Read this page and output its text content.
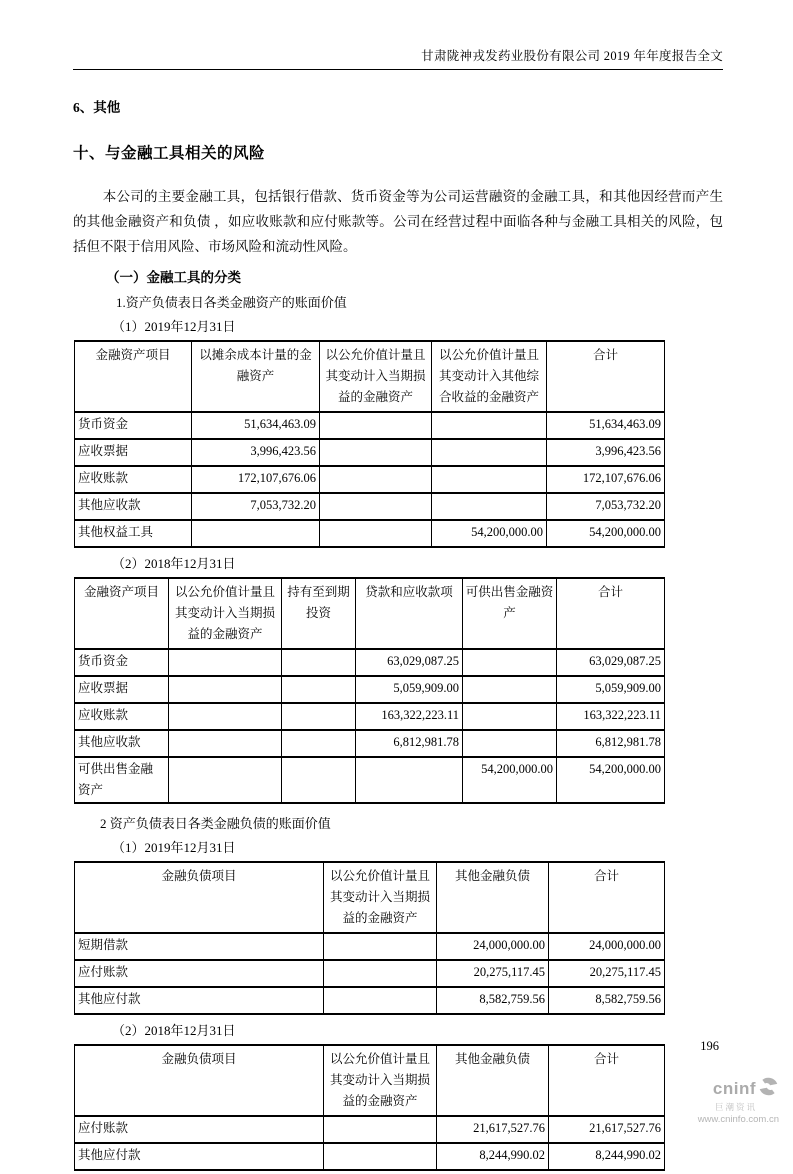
甘肃陇神戎发药业股份有限公司 2019 年年度报告全文
6、其他
十、与金融工具相关的风险
本公司的主要金融工具，包括银行借款、货币资金等为公司运营融资的金融工具，和其他因经营而产生的其他金融资产和负债 ，如应收账款和应付账款等。公司在经营过程中面临各种与金融工具相关的风险，包括但不限于信用风险、市场风险和流动性风险。
（一）金融工具的分类
1.资产负债表日各类金融资产的账面价值
（1）2019年12月31日
金融资产项目	以摊余成本计量的金融资产	以公允价值计量且其变动计入当期损益的金融资产	以公允价值计量且其变动计入其他综合收益的金融资产	合计
货币资金	51,634,463.09			51,634,463.09
应收票据	3,996,423.56			3,996,423.56
应收账款	172,107,676.06			172,107,676.06
其他应收款	7,053,732.20			7,053,732.20
其他权益工具			54,200,000.00	54,200,000.00
（2）2018年12月31日
金融资产项目	以公允价值计量且其变动计入当期损益的金融资产	持有至到期投资	贷款和应收款项	可供出售金融资产	合计
货币资金			63,029,087.25		63,029,087.25
应收票据			5,059,909.00		5,059,909.00
应收账款			163,322,223.11		163,322,223.11
其他应收款			6,812,981.78		6,812,981.78
可供出售金融资产				54,200,000.00	54,200,000.00
2 资产负债表日各类金融负债的账面价值
（1）2019年12月31日
金融负债项目	以公允价值计量且其变动计入当期损益的金融资产	其他金融负债	合计
短期借款		24,000,000.00	24,000,000.00
应付账款		20,275,117.45	20,275,117.45
其他应付款		8,582,759.56	8,582,759.56
（2）2018年12月31日
金融负债项目	以公允价值计量且其变动计入当期损益的金融资产	其他金融负债	合计
应付账款		21,617,527.76	21,617,527.76
其他应付款		8,244,990.02	8,244,990.02
196
cninf
巨潮资讯
www.cninfo.com.cn
